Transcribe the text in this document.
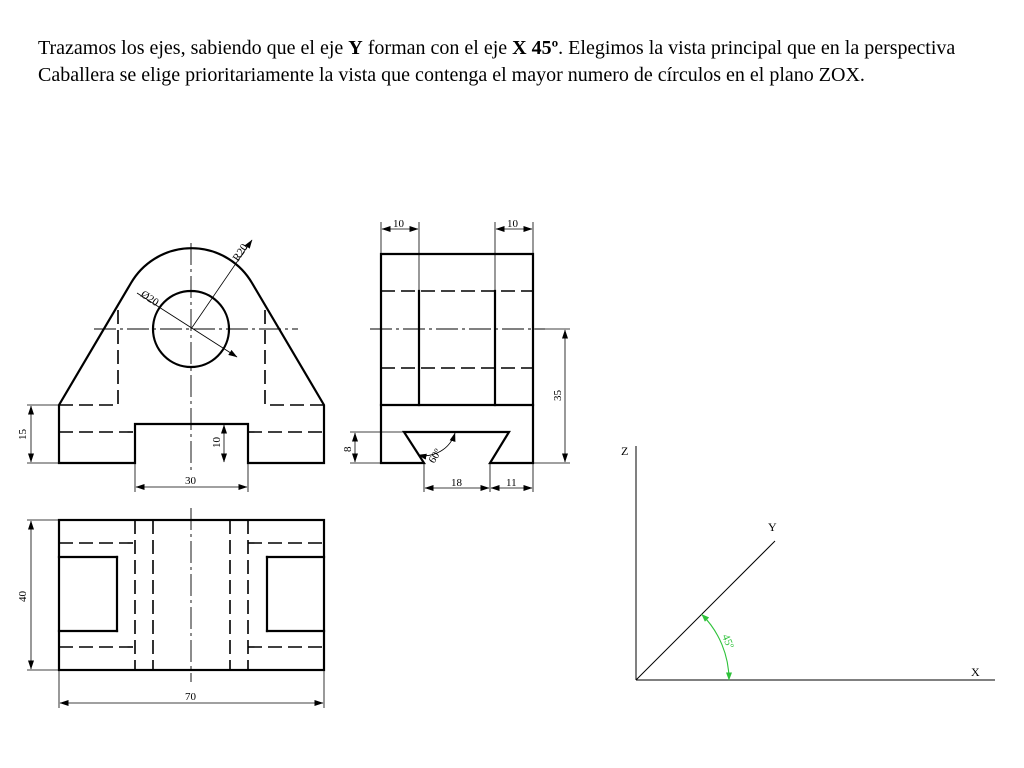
Trazamos los ejes, sabiendo que el eje Y forman con el eje X 45º. Elegimos la vista principal que en la perspectiva Caballera se elige prioritariamente la vista que contenga el mayor numero de círculos en el plano ZOX.

R20
Ø20
15
10
30
10	10
35
8	60º
18	11
40
70
Z
Y
X
45º
